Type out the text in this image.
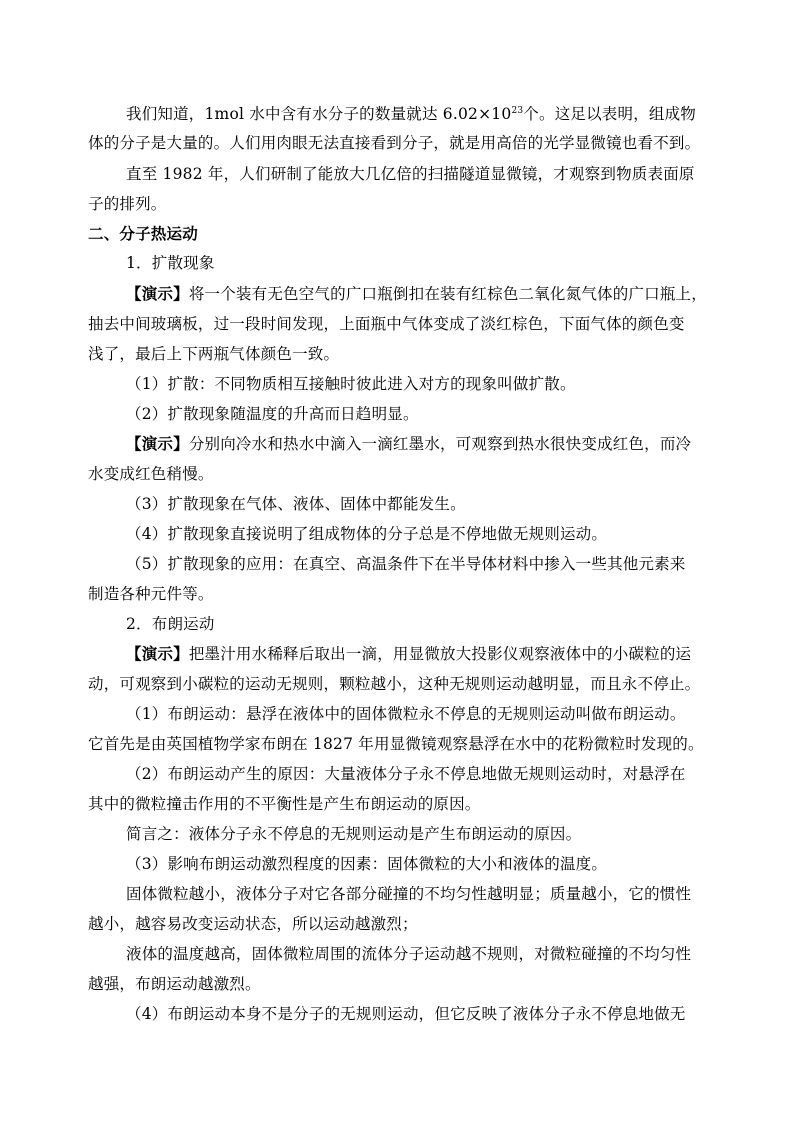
我们知道，1mol 水中含有水分子的数量就达 $6.02\times 10^{23}$个。这足以表明，组成物
体的分子是大量的。人们用肉眼无法直接看到分子，就是用高倍的光学显微镜也看不到。
直至 1982 年，人们研制了能放大几亿倍的扫描隧道显微镜，才观察到物质表面原
子的排列。
二、分子热运动
1．扩散现象
【演示】将一个装有无色空气的广口瓶倒扣在装有红棕色二氧化氮气体的广口瓶上，
抽去中间玻璃板，过一段时间发现，上面瓶中气体变成了淡红棕色，下面气体的颜色变
浅了，最后上下两瓶气体颜色一致。
（1）扩散：不同物质相互接触时彼此进入对方的现象叫做扩散。
（2）扩散现象随温度的升高而日趋明显。
【演示】分别向冷水和热水中滴入一滴红墨水，可观察到热水很快变成红色，而冷
水变成红色稍慢。
（3）扩散现象在气体、液体、固体中都能发生。
（4）扩散现象直接说明了组成物体的分子总是不停地做无规则运动。
（5）扩散现象的应用：在真空、高温条件下在半导体材料中掺入一些其他元素来
制造各种元件等。
2．布朗运动
【演示】把墨汁用水稀释后取出一滴，用显微放大投影仪观察液体中的小碳粒的运
动，可观察到小碳粒的运动无规则，颗粒越小，这种无规则运动越明显，而且永不停止。
（1）布朗运动：悬浮在液体中的固体微粒永不停息的无规则运动叫做布朗运动。
它首先是由英国植物学家布朗在 1827 年用显微镜观察悬浮在水中的花粉微粒时发现的。
（2）布朗运动产生的原因：大量液体分子永不停息地做无规则运动时，对悬浮在
其中的微粒撞击作用的不平衡性是产生布朗运动的原因。
简言之：液体分子永不停息的无规则运动是产生布朗运动的原因。
（3）影响布朗运动激烈程度的因素：固体微粒的大小和液体的温度。
固体微粒越小，液体分子对它各部分碰撞的不均匀性越明显；质量越小，它的惯性
越小，越容易改变运动状态，所以运动越激烈；
液体的温度越高，固体微粒周围的流体分子运动越不规则，对微粒碰撞的不均匀性
越强，布朗运动越激烈。
（4）布朗运动本身不是分子的无规则运动，但它反映了液体分子永不停息地做无
